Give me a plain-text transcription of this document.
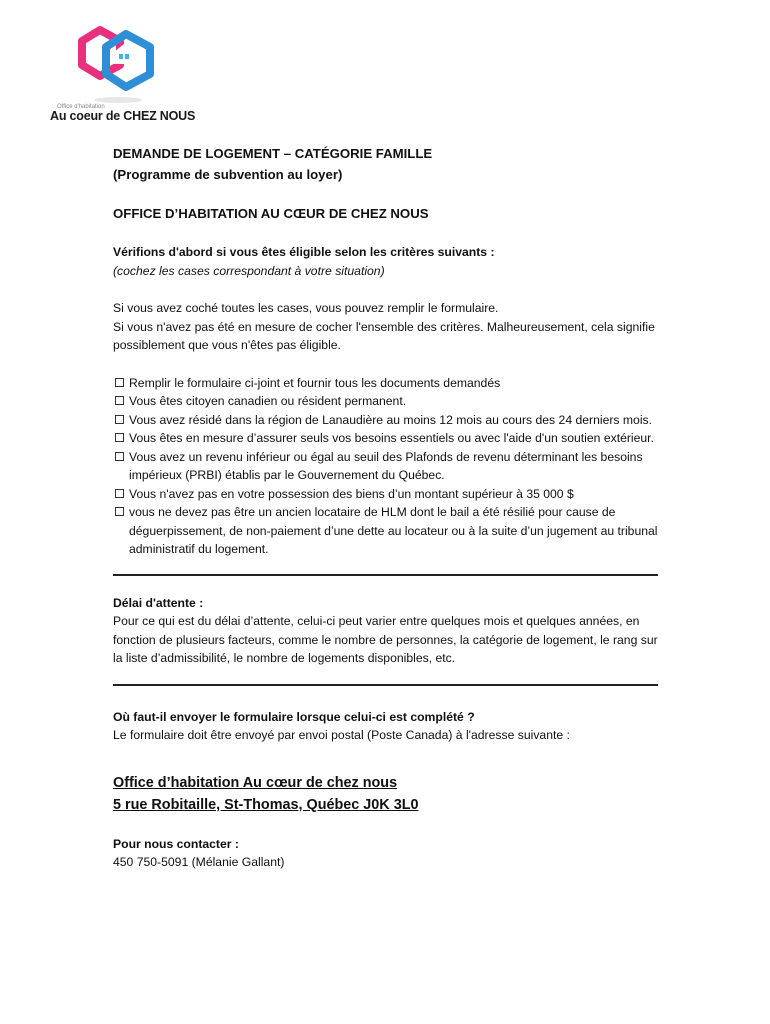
Office d'habitation
Au coeur de CHEZ NOUS
DEMANDE DE LOGEMENT – CATÉGORIE FAMILLE
(Programme de subvention au loyer)
OFFICE D’HABITATION AU CŒUR DE CHEZ NOUS

Vérifions d'abord si vous êtes éligible selon les critères suivants :

(cochez les cases correspondant à votre situation)

Si vous avez coché toutes les cases, vous pouvez remplir le formulaire.

Si vous n'avez pas été en mesure de cocher l'ensemble des critères. Malheureusement, cela signifie possiblement que vous n'êtes pas éligible.

Remplir le formulaire ci-joint et fournir tous les documents demandés
Vous êtes citoyen canadien ou résident permanent.
Vous avez résidé dans la région de Lanaudière au moins 12 mois au cours des 24 derniers mois.
Vous êtes en mesure d’assurer seuls vos besoins essentiels ou avec l'aide d'un soutien extérieur.
Vous avez un revenu inférieur ou égal au seuil des Plafonds de revenu déterminant les besoins impérieux (PRBI) établis par le Gouvernement du Québec.
Vous n'avez pas en votre possession des biens d’un montant supérieur à 35 000 $
vous ne devez pas être un ancien locataire de HLM dont le bail a été résilié pour cause de déguerpissement, de non-paiement d’une dette au locateur ou à la suite d’un jugement au tribunal administratif du logement.

Délai d'attente :

Pour ce qui est du délai d’attente, celui-ci peut varier entre quelques mois et quelques années, en fonction de plusieurs facteurs, comme le nombre de personnes, la catégorie de logement, le rang sur la liste d’admissibilité, le nombre de logements disponibles, etc.

Où faut-il envoyer le formulaire lorsque celui-ci est complété ?

Le formulaire doit être envoyé par envoi postal (Poste Canada) à l'adresse suivante :

Office d’habitation Au cœur de chez nous
5 rue Robitaille, St-Thomas, Québec J0K 3L0

Pour nous contacter :

450 750-5091 (Mélanie Gallant)
